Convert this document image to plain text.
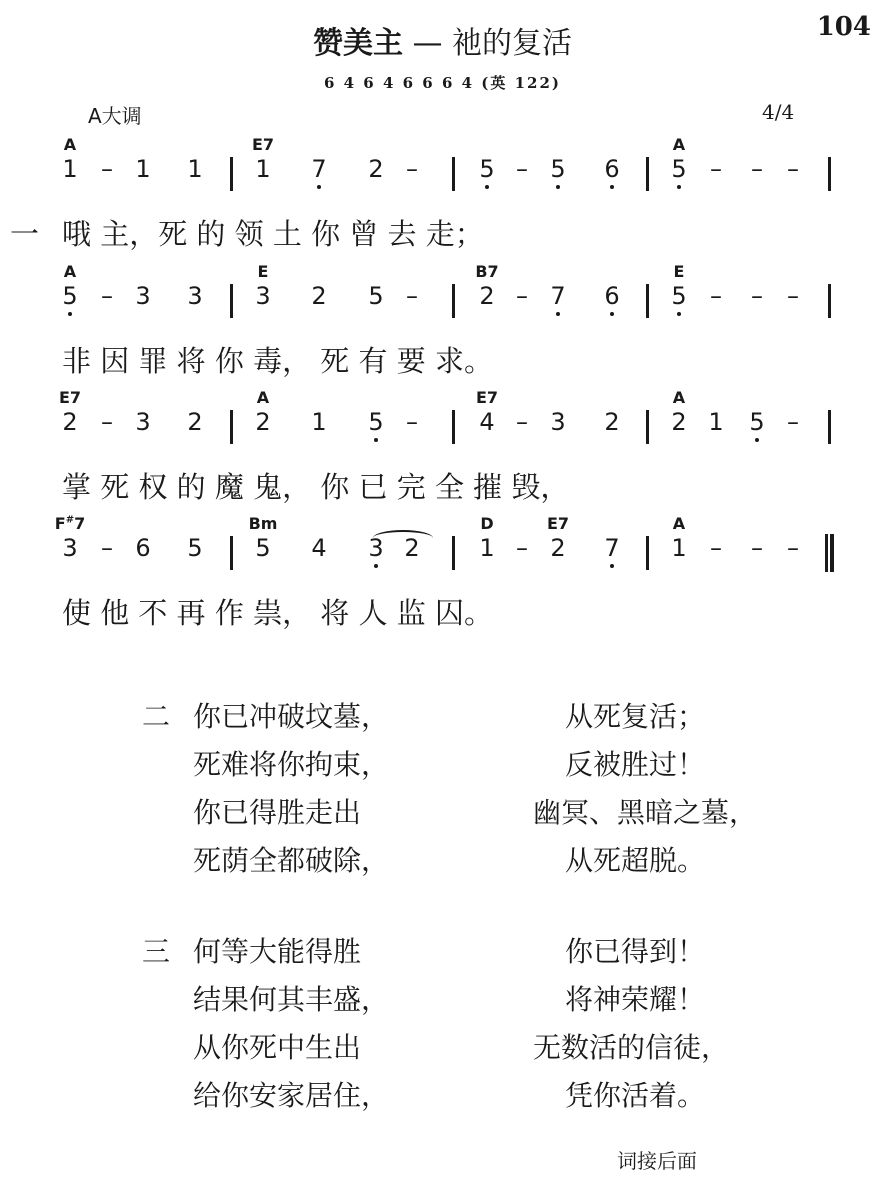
赞美主 — 祂的复活	104
6 4 6 4 6 6 6 4 (英 122)
A大调	4/4
A	E7	A
1 – 1	1	1	7	2 –	5 – 5	6	5 –	–	–
一 哦 主，死 的 领 土 你 曾 去 走；
A	E	B7	E
5 – 3	3	3	2	5 –	2 – 7	6	5 –	–	–
非 因 罪 将 你 毒， 死 有 要 求。
E7	A	E7	A
2 – 3	2	2	1	5 –	4 – 3	2	2 1	5 –
掌 死 权 的 魔 鬼， 你 已 完 全 摧 毁，
F#7	Bm	D	E7	A
3 – 6	5	5	4	3 2	1 – 2	7	1 –	–	–
使 他 不 再 作 祟， 将 人 监 囚。
二 你已冲破坟墓，	从死复活；
死难将你拘束，	反被胜过！
你已得胜走出	幽冥、黑暗之墓，
死荫全都破除，	从死超脱。
三 何等大能得胜	你已得到！
结果何其丰盛，	将神荣耀！
从你死中生出	无数活的信徒，
给你安家居住，	凭你活着。
词接后面
